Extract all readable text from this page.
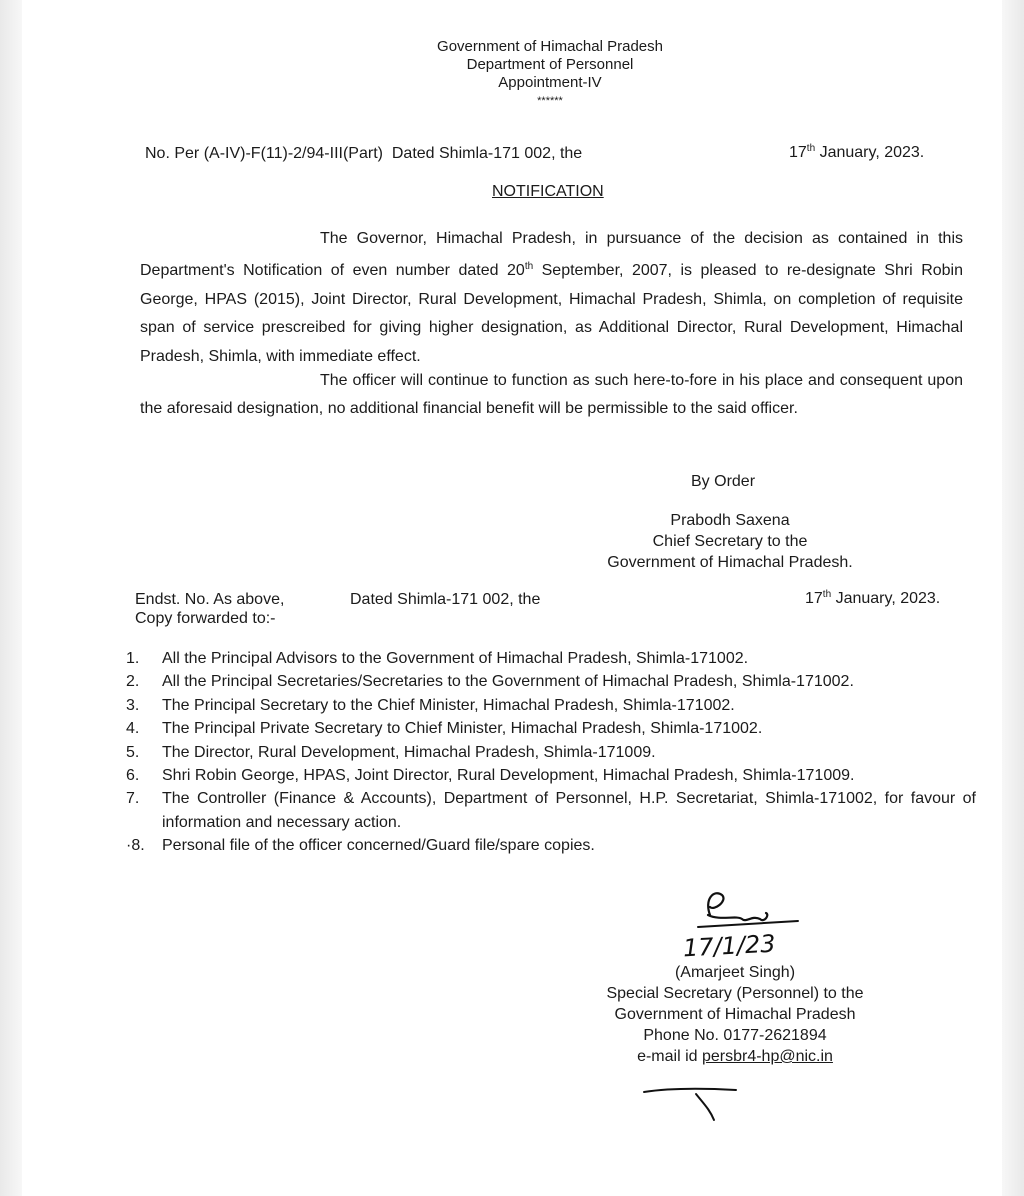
Government of Himachal Pradesh
Department of Personnel
Appointment-IV
******
No. Per (A-IV)-F(11)-2/94-III(Part) Dated Shimla-171 002, the	17th January, 2023.
NOTIFICATION
The Governor, Himachal Pradesh, in pursuance of the decision as contained in this Department's Notification of even number dated 20th September, 2007, is pleased to re-designate Shri Robin George, HPAS (2015), Joint Director, Rural Development, Himachal Pradesh, Shimla, on completion of requisite span of service prescreibed for giving higher designation, as Additional Director, Rural Development, Himachal Pradesh, Shimla, with immediate effect.
The officer will continue to function as such here-to-fore in his place and consequent upon the aforesaid designation, no additional financial benefit will be permissible to the said officer.
By Order
Prabodh Saxena
Chief Secretary to the
Government of Himachal Pradesh.
Endst. No. As above,	Dated Shimla-171 002, the	17th January, 2023.
Copy forwarded to:-
1.	All the Principal Advisors to the Government of Himachal Pradesh, Shimla-171002.
2.	All the Principal Secretaries/Secretaries to the Government of Himachal Pradesh, Shimla-171002.
3.	The Principal Secretary to the Chief Minister, Himachal Pradesh, Shimla-171002.
4.	The Principal Private Secretary to Chief Minister, Himachal Pradesh, Shimla-171002.
5.	The Director, Rural Development, Himachal Pradesh, Shimla-171009.
6.	Shri Robin George, HPAS, Joint Director, Rural Development, Himachal Pradesh, Shimla-171009.
7.	The Controller (Finance & Accounts), Department of Personnel, H.P. Secretariat, Shimla-171002, for favour of information and necessary action.
·8.	Personal file of the officer concerned/Guard file/spare copies.
17/1/23
(Amarjeet Singh)
Special Secretary (Personnel) to the
Government of Himachal Pradesh
Phone No. 0177-2621894
e-mail id persbr4-hp@nic.in
